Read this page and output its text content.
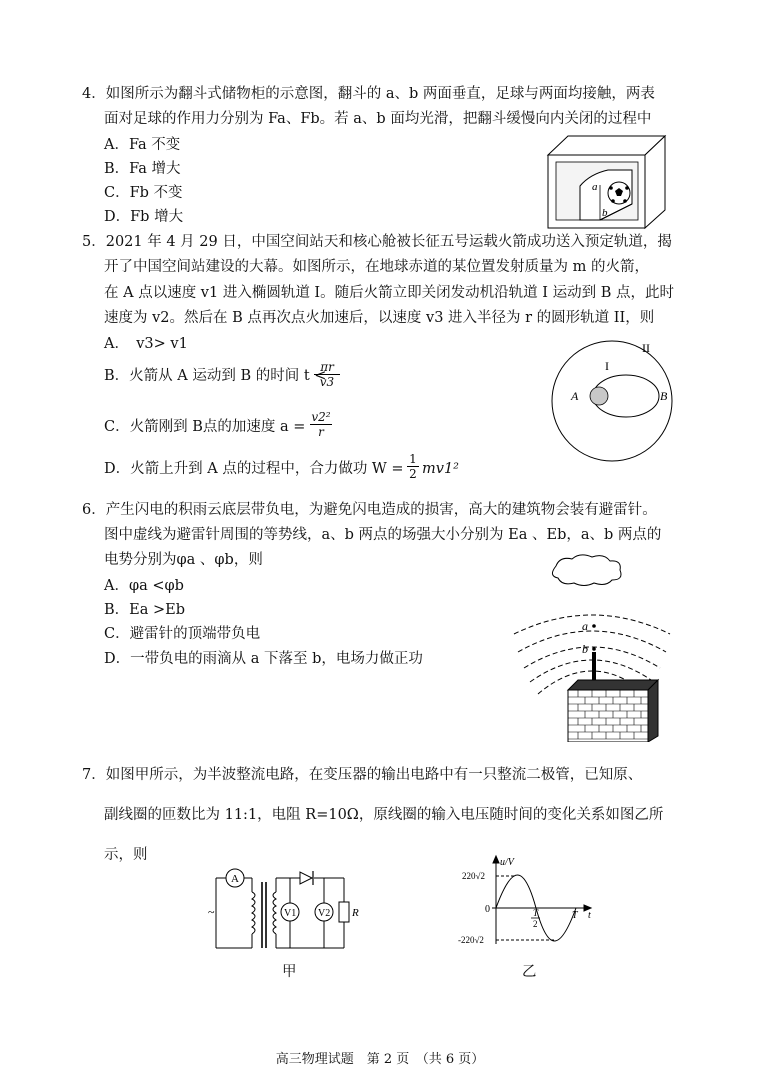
4．如图所示为翻斗式储物柜的示意图，翻斗的 a、b 两面垂直，足球与两面均接触，两表
面对足球的作用力分别为 Fa、Fb。若 a、b 面均光滑，把翻斗缓慢向内关闭的过程中
A．Fa 不变
B．Fa 增大
C．Fb 不变
D．Fb 增大
a
b
5．2021 年 4 月 29 日，中国空间站天和核心舱被长征五号运载火箭成功送入预定轨道，揭
开了中国空间站建设的大幕。如图所示，在地球赤道的某位置发射质量为 m 的火箭，
在 A 点以速度 v1 进入椭圆轨道 I。随后火箭立即关闭发动机沿轨道 I 运动到 B 点，此时
速度为 v2。然后在 B 点再次点火加速后，以速度 v3 进入半径为 r 的圆形轨道 II，则
A．　v3> v1
B．火箭从 A 运动到 B 的时间 t <
$\frac{\pi r}{v3}$
C．火箭刚到 B点的加速度 $a = \frac{\text{v2²}}{r}$
D．火箭上升到 A 点的过程中，合力做功 $W = \frac{1}{2} mv1^2$
I
II
A	B
6．产生闪电的积雨云底层带负电，为避免闪电造成的损害，高大的建筑物会装有避雷针。
图中虚线为避雷针周围的等势线，a、b 两点的场强大小分别为 Ea 、Eb，a、b 两点的
电势分别为φa 、φb，则
A．φa <φb
B．Ea >Eb
C．避雷针的顶端带负电
D．一带负电的雨滴从 a 下落至 b，电场力做正功
a
b
7．如图甲所示，为半波整流电路，在变压器的输出电路中有一只整流二极管，已知原、
副线圈的匝数比为 11:1，电阻 R=10Ω，原线圈的输入电压随时间的变化关系如图乙所
示，则
A
V1 V2 R
~
甲
u/V
220√2
0
-220√2
T
2
T t
乙
高三物理试题　第 2 页　（共 6 页）
